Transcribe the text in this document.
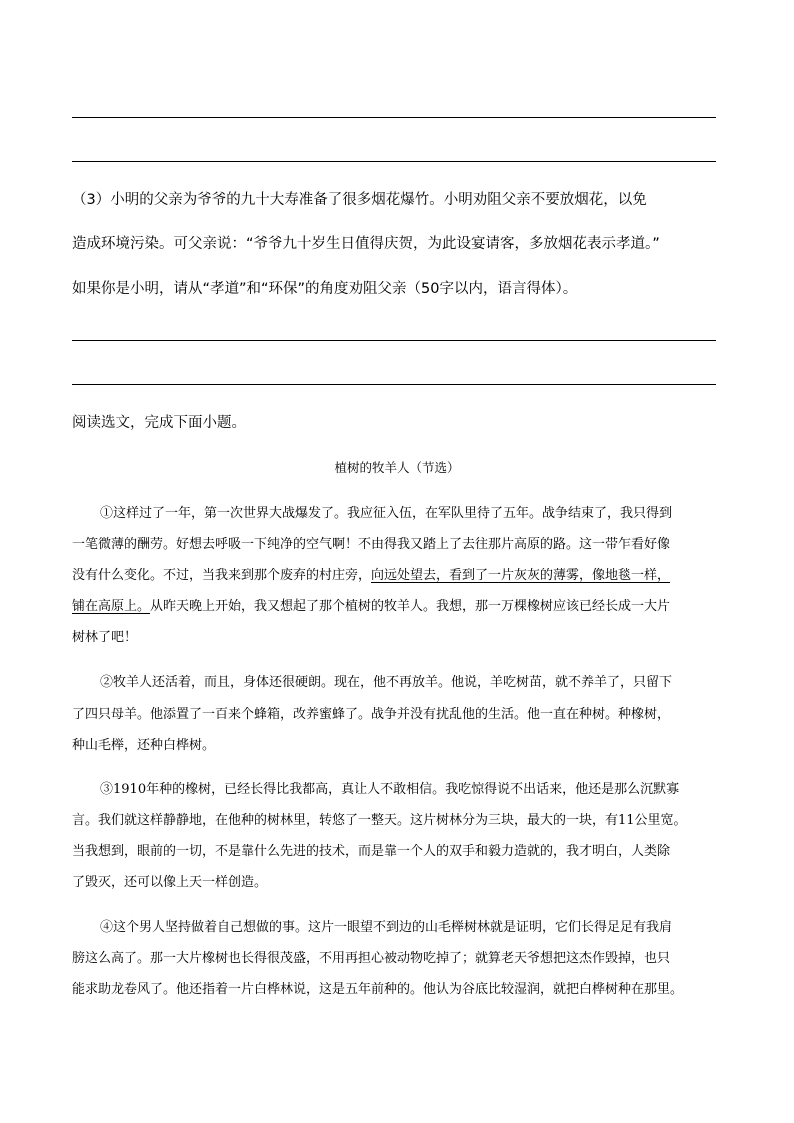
（3）小明的父亲为爷爷的九十大寿准备了很多烟花爆竹。小明劝阻父亲不要放烟花，以免
造成环境污染。可父亲说：“爷爷九十岁生日值得庆贺，为此设宴请客，多放烟花表示孝道。”
如果你是小明，请从“孝道”和“环保”的角度劝阻父亲（50字以内，语言得体）。
阅读选文，完成下面小题。
植树的牧羊人（节选）
①这样过了一年，第一次世界大战爆发了。我应征入伍，在军队里待了五年。战争结束了，我只得到
一笔微薄的酬劳。好想去呼吸一下纯净的空气啊！不由得我又踏上了去往那片高原的路。这一带乍看好像
没有什么变化。不过，当我来到那个废弃的村庄旁，向远处望去，看到了一片灰灰的薄雾，像地毯一样，
铺在高原上。从昨天晚上开始，我又想起了那个植树的牧羊人。我想，那一万棵橡树应该已经长成一大片
树林了吧！
②牧羊人还活着，而且，身体还很硬朗。现在，他不再放羊。他说，羊吃树苗，就不养羊了，只留下
了四只母羊。他添置了一百来个蜂箱，改养蜜蜂了。战争并没有扰乱他的生活。他一直在种树。种橡树，
种山毛榉，还种白桦树。
③1910年种的橡树，已经长得比我都高，真让人不敢相信。我吃惊得说不出话来，他还是那么沉默寡
言。我们就这样静静地，在他种的树林里，转悠了一整天。这片树林分为三块，最大的一块，有11公里宽。
当我想到，眼前的一切，不是靠什么先进的技术，而是靠一个人的双手和毅力造就的，我才明白，人类除
了毁灭，还可以像上天一样创造。
④这个男人坚持做着自己想做的事。这片一眼望不到边的山毛榉树林就是证明，它们长得足足有我肩
膀这么高了。那一大片橡树也长得很茂盛，不用再担心被动物吃掉了；就算老天爷想把这杰作毁掉，也只
能求助龙卷风了。他还指着一片白桦林说，这是五年前种的。他认为谷底比较湿润，就把白桦树种在那里。
